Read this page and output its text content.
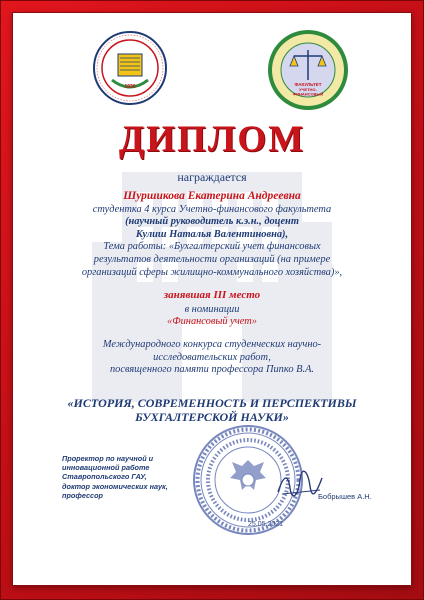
1930	ФАКУЛЬТЕТ
УЧЕТНО-
ФИНАНСОВЫЙ
ДИПЛОМ
награждается
Шуршикова Екатерина Андреевна
студентка 4 курса Учетно-финансового факультета
(научный руководитель к.э.н., доцент
Кулиш Наталья Валентиновна),
Тема работы: «Бухгалтерский учет финансовых
результатов деятельности организаций (на примере
организаций сферы жилищно-коммунального хозяйства)»,
занявшая III место
в номинации
«Финансовый учет»
Международного конкурса студенческих научно-
исследовательских работ,
посвященного памяти профессора Пипко В.А.
«ИСТОРИЯ, СОВРЕМЕННОСТЬ И ПЕРСПЕКТИВЫ
БУХГАЛТЕРСКОЙ НАУКИ»
Проректор по научной и
инновационной работе
Ставропольского ГАУ,
доктор экономических наук,
профессор	Бобрышев А.Н.
25.05.2021
